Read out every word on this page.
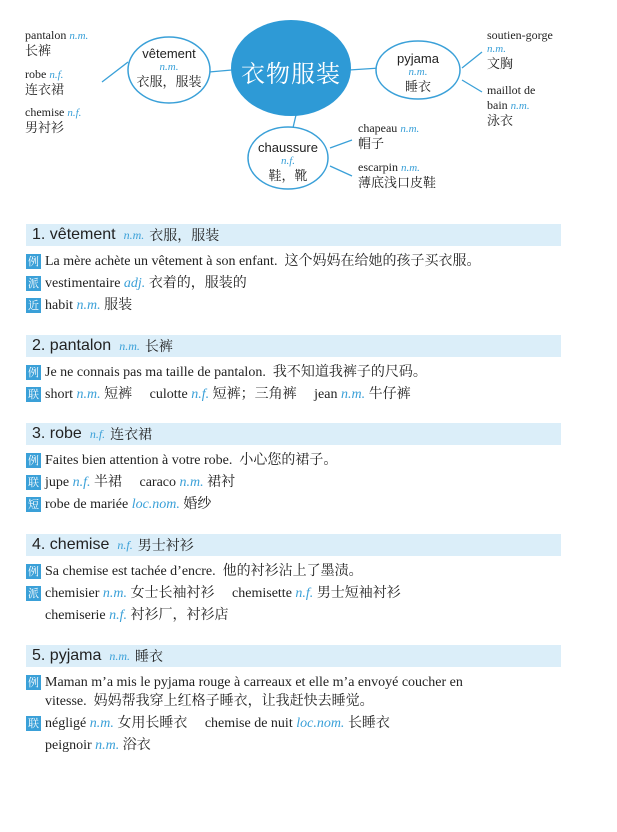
衣物服装
vêtement
n.m.
衣服，服装
pyjama
n.m.
睡衣
chaussure
n.f.
鞋，靴
pantalon n.m.
长裤
robe n.f.
连衣裙
chemise n.f.
男衬衫
soutien-gorge
n.m.
文胸
maillot de
bain n.m.
泳衣
chapeau n.m.
帽子
escarpin n.m.
薄底浅口皮鞋
1. vêtement n.m. 衣服，服装
例 La mère achète un vêtement à son enfant. 这个妈妈在给她的孩子买衣服。
派 vestimentaire adj. 衣着的，服装的
近 habit n.m. 服装
2. pantalon n.m. 长裤
例 Je ne connais pas ma taille de pantalon. 我不知道我裤子的尺码。
联 short n.m. 短裤 culotte n.f. 短裤；三角裤 jean n.m. 牛仔裤
3. robe n.f. 连衣裙
例 Faites bien attention à votre robe. 小心您的裙子。
联 jupe n.f. 半裙 caraco n.m. 裙衬
短 robe de mariée loc.nom. 婚纱
4. chemise n.f. 男士衬衫
例 Sa chemise est tachée d’encre. 他的衬衫沾上了墨渍。
派 chemisier n.m. 女士长袖衬衫 chemisette n.f. 男士短袖衬衫
chemiserie n.f. 衬衫厂，衬衫店
5. pyjama n.m. 睡衣
例 Maman m’a mis le pyjama rouge à carreaux et elle m’a envoyé coucher en
vitesse. 妈妈帮我穿上红格子睡衣，让我赶快去睡觉。
联 négligé n.m. 女用长睡衣 chemise de nuit loc.nom. 长睡衣
peignoir n.m. 浴衣
